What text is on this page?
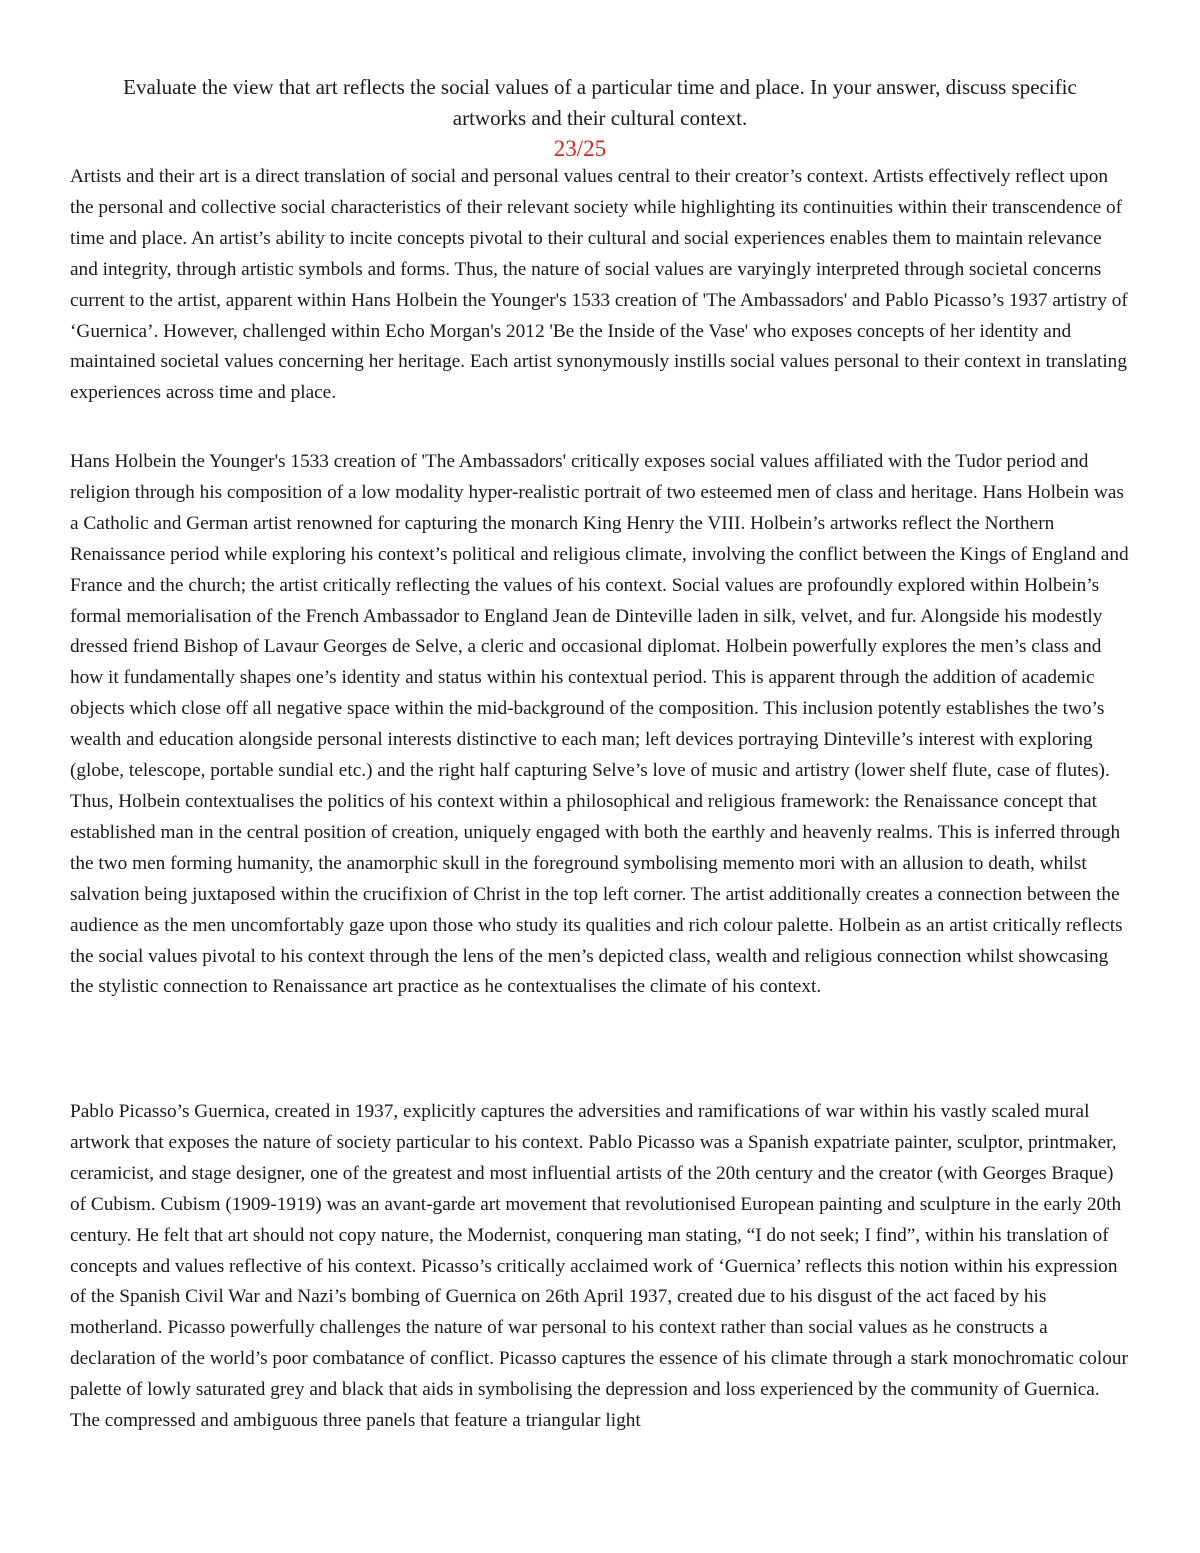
Evaluate the view that art reflects the social values of a particular time and place. In your answer, discuss specific artworks and their cultural context.

23/25

Artists and their art is a direct translation of social and personal values central to their creator’s context. Artists effectively reflect upon the personal and collective social characteristics of their relevant society while highlighting its continuities within their transcendence of time and place. An artist’s ability to incite concepts pivotal to their cultural and social experiences enables them to maintain relevance and integrity, through artistic symbols and forms. Thus, the nature of social values are varyingly interpreted through societal concerns current to the artist, apparent within Hans Holbein the Younger's 1533 creation of 'The Ambassadors' and Pablo Picasso’s 1937 artistry of ‘Guernica’. However, challenged within Echo Morgan's 2012 'Be the Inside of the Vase' who exposes concepts of her identity and maintained societal values concerning her heritage. Each artist synonymously instills social values personal to their context in translating experiences across time and place.

Hans Holbein the Younger's 1533 creation of 'The Ambassadors' critically exposes social values affiliated with the Tudor period and religion through his composition of a low modality hyper-realistic portrait of two esteemed men of class and heritage. Hans Holbein was a Catholic and German artist renowned for capturing the monarch King Henry the VIII. Holbein’s artworks reflect the Northern Renaissance period while exploring his context’s political and religious climate, involving the conflict between the Kings of England and France and the church; the artist critically reflecting the values of his context. Social values are profoundly explored within Holbein’s formal memorialisation of the French Ambassador to England Jean de Dinteville laden in silk, velvet, and fur. Alongside his modestly dressed friend Bishop of Lavaur Georges de Selve, a cleric and occasional diplomat. Holbein powerfully explores the men’s class and how it fundamentally shapes one’s identity and status within his contextual period. This is apparent through the addition of academic objects which close off all negative space within the mid-background of the composition. This inclusion potently establishes the two’s wealth and education alongside personal interests distinctive to each man; left devices portraying Dinteville’s interest with exploring (globe, telescope, portable sundial etc.) and the right half capturing Selve’s love of music and artistry (lower shelf flute, case of flutes). Thus, Holbein contextualises the politics of his context within a philosophical and religious framework: the Renaissance concept that established man in the central position of creation, uniquely engaged with both the earthly and heavenly realms. This is inferred through the two men forming humanity, the anamorphic skull in the foreground symbolising memento mori with an allusion to death, whilst salvation being juxtaposed within the crucifixion of Christ in the top left corner. The artist additionally creates a connection between the audience as the men uncomfortably gaze upon those who study its qualities and rich colour palette. Holbein as an artist critically reflects the social values pivotal to his context through the lens of the men’s depicted class, wealth and religious connection whilst showcasing the stylistic connection to Renaissance art practice as he contextualises the climate of his context.

Pablo Picasso’s Guernica, created in 1937, explicitly captures the adversities and ramifications of war within his vastly scaled mural artwork that exposes the nature of society particular to his context. Pablo Picasso was a Spanish expatriate painter, sculptor, printmaker, ceramicist, and stage designer, one of the greatest and most influential artists of the 20th century and the creator (with Georges Braque) of Cubism. Cubism (1909-1919) was an avant-garde art movement that revolutionised European painting and sculpture in the early 20th century. He felt that art should not copy nature, the Modernist, conquering man stating, “I do not seek; I find”, within his translation of concepts and values reflective of his context. Picasso’s critically acclaimed work of ‘Guernica’ reflects this notion within his expression of the Spanish Civil War and Nazi’s bombing of Guernica on 26th April 1937, created due to his disgust of the act faced by his motherland. Picasso powerfully challenges the nature of war personal to his context rather than social values as he constructs a declaration of the world’s poor combatance of conflict. Picasso captures the essence of his climate through a stark monochromatic colour palette of lowly saturated grey and black that aids in symbolising the depression and loss experienced by the community of Guernica. The compressed and ambiguous three panels that feature a triangular light
